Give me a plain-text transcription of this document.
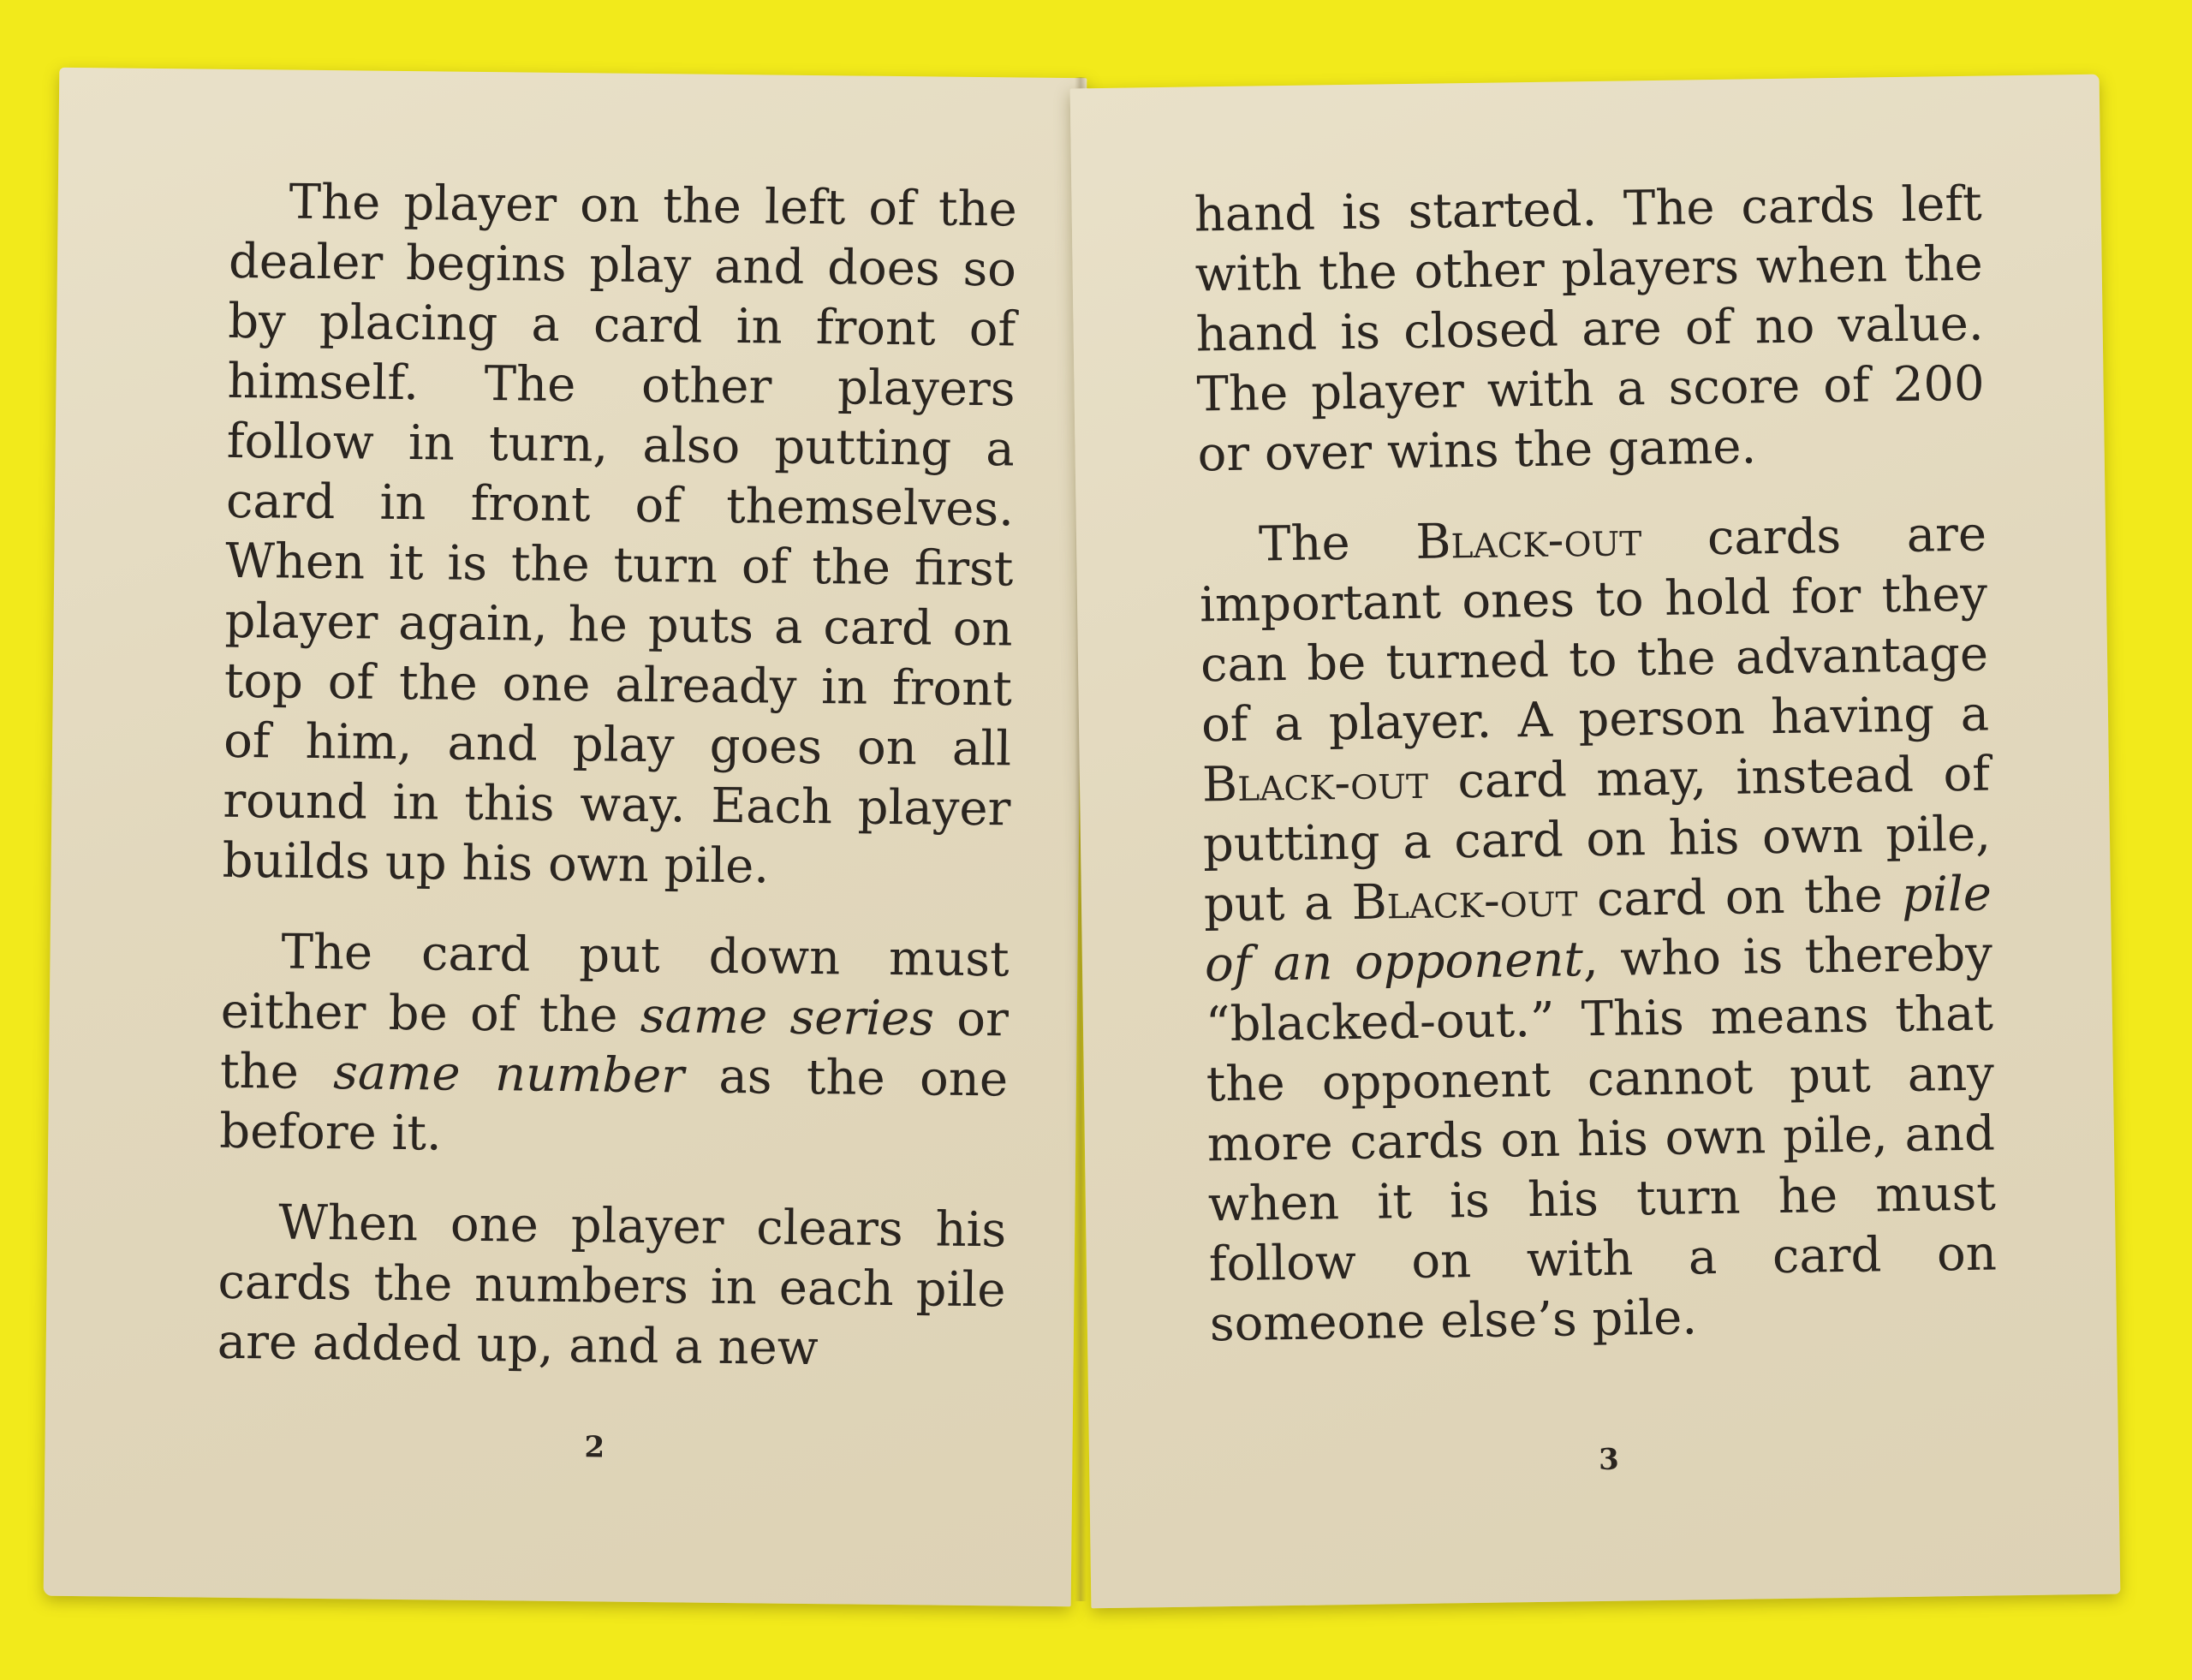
The player on the left of the dealer begins play and does so by placing a card in front of himself. The other players follow in turn, also putting a card in front of themselves. When it is the turn of the first player again, he puts a card on top of the one already in front of him, and play goes on all round in this way. Each player builds up his own pile.

The card put down must either be of the same series or the same number as the one before it.

When one player clears his cards the numbers in each pile are added up, and a new

2

hand is started. The cards left with the other players when the hand is closed are of no value. The player with a score of 200 or over wins the game.

The Black-out cards are important ones to hold for they can be turned to the advantage of a player. A person having a Black-out card may, instead of putting a card on his own pile, put a Black-out card on the pile of an opponent, who is thereby “blacked-out.” This means that the opponent cannot put any more cards on his own pile, and when it is his turn he must follow on with a card on someone else’s pile.

3
